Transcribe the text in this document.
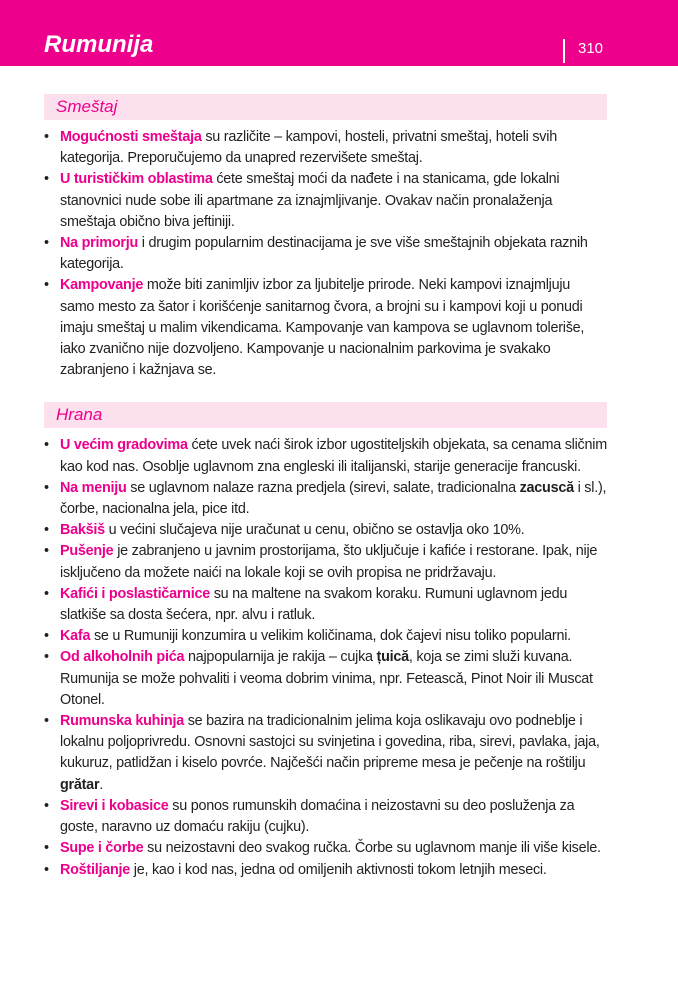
Rumunija	310
Smeštaj
• Mogućnosti smeštaja su različite – kampovi, hosteli, privatni smeštaj, hoteli svih kategorija. Preporučujemo da unapred rezervišete smeštaj.
• U turističkim oblastima ćete smeštaj moći da nađete i na stanicama, gde lokalni stanovnici nude sobe ili apartmane za iznajmljivanje. Ovakav način pronalaženja smeštaja obično biva jeftiniji.
• Na primorju i drugim popularnim destinacijama je sve više smeštajnih objekata raznih kategorija.
• Kampovanje može biti zanimljiv izbor za ljubitelje prirode. Neki kampovi iznajmljuju samo mesto za šator i korišćenje sanitarnog čvora, a brojni su i kampovi koji u ponudi imaju smeštaj u malim vikendicama. Kampovanje van kampova se uglavnom toleriše, iako zvanično nije dozvoljeno. Kampovanje u nacionalnim parkovima je svakako zabranjeno i kažnjava se.
Hrana
• U većim gradovima ćete uvek naći širok izbor ugostiteljskih objekata, sa cenama sličnim kao kod nas. Osoblje uglavnom zna engleski ili italijanski, starije generacije francuski.
• Na meniju se uglavnom nalaze razna predjela (sirevi, salate, tradicionalna zacuscă i sl.), čorbe, nacionalna jela, pice itd.
• Bakšiš u većini slučajeva nije uračunat u cenu, obično se ostavlja oko 10%.
• Pušenje je zabranjeno u javnim prostorijama, što uključuje i kafiće i restorane. Ipak, nije isključeno da možete naići na lokale koji se ovih propisa ne pridržavaju.
• Kafići i poslastičarnice su na maltene na svakom koraku. Rumuni uglavnom jedu slatkiše sa dosta šećera, npr. alvu i ratluk.
• Kafa se u Rumuniji konzumira u velikim količinama, dok čajevi nisu toliko popularni.
• Od alkoholnih pića najpopularnija je rakija – cujka țuică, koja se zimi služi kuvana. Rumunija se može pohvaliti i veoma dobrim vinima, npr. Feteascǎ, Pinot Noir ili Muscat Otonel.
• Rumunska kuhinja se bazira na tradicionalnim jelima koja oslikavaju ovo podneblje i lokalnu poljoprivredu. Osnovni sastojci su svinjetina i govedina, riba, sirevi, pavlaka, jaja, kukuruz, patlidžan i kiselo povrće. Najčešći način pripreme mesa je pečenje na roštilju grătar.
• Sirevi i kobasice su ponos rumunskih domaćina i neizostavni su deo posluženja za goste, naravno uz domaću rakiju (cujku).
• Supe i čorbe su neizostavni deo svakog ručka. Čorbe su uglavnom manje ili više kisele.
• Roštiljanje je, kao i kod nas, jedna od omiljenih aktivnosti tokom letnjih meseci.
